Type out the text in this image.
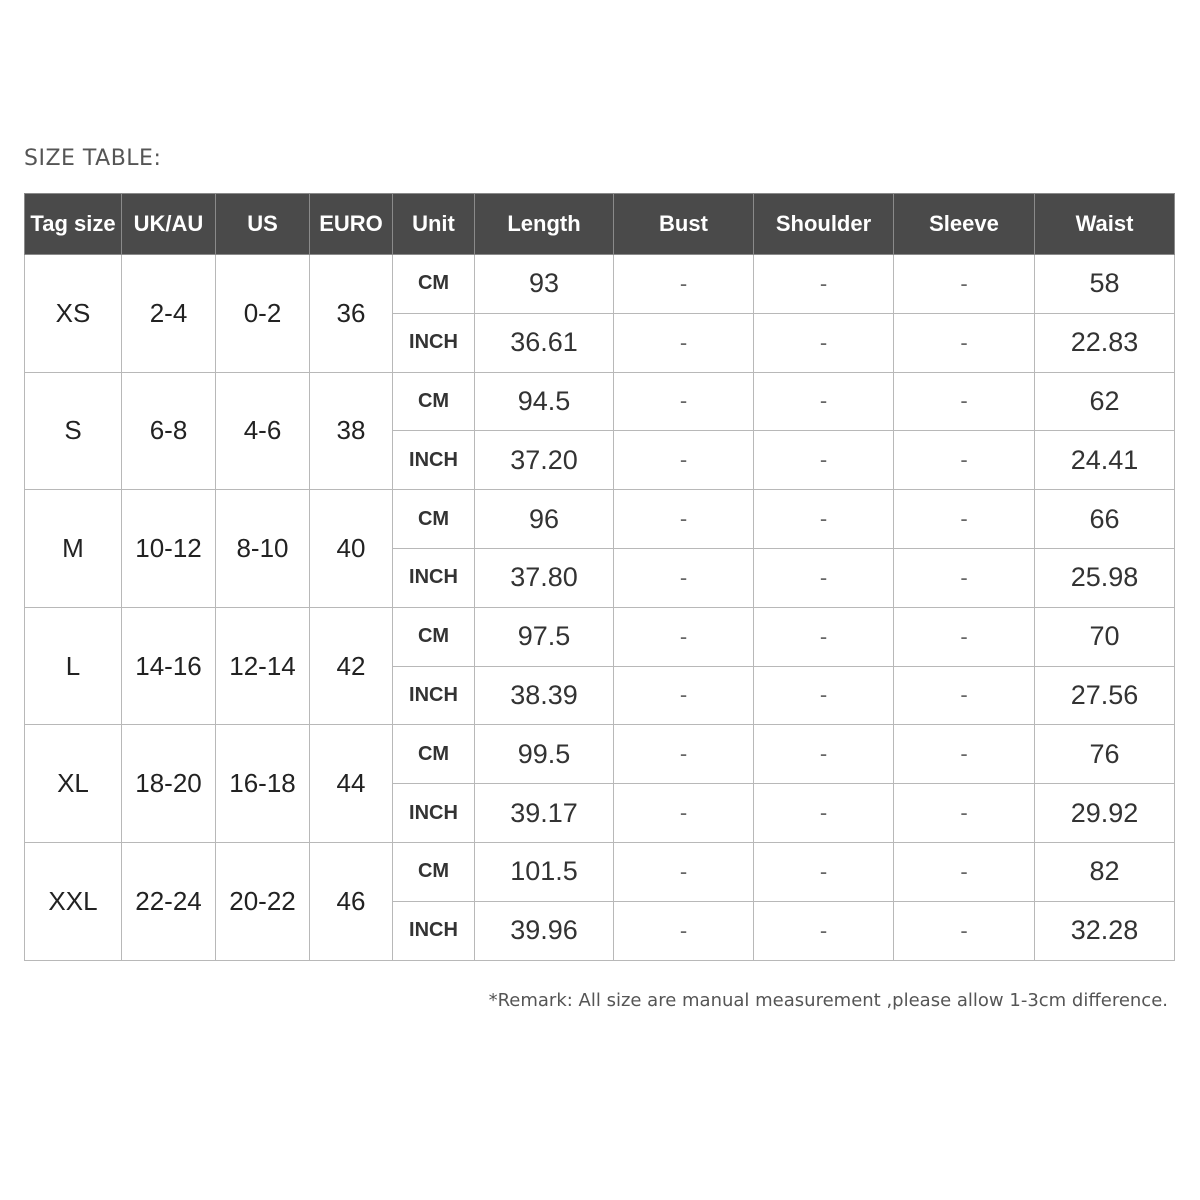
SIZE TABLE:
Tag size	UK/AU	US	EURO	Unit	Length	Bust	Shoulder	Sleeve	Waist
XS	2-4	0-2	36	CM	93	-	-	-	58
				INCH	36.61	-	-	-	22.83
S	6-8	4-6	38	CM	94.5	-	-	-	62
				INCH	37.20	-	-	-	24.41
M	10-12	8-10	40	CM	96	-	-	-	66
				INCH	37.80	-	-	-	25.98
L	14-16	12-14	42	CM	97.5	-	-	-	70
				INCH	38.39	-	-	-	27.56
XL	18-20	16-18	44	CM	99.5	-	-	-	76
				INCH	39.17	-	-	-	29.92
XXL	22-24	20-22	46	CM	101.5	-	-	-	82
				INCH	39.96	-	-	-	32.28
*Remark: All size are manual measurement ,please allow 1-3cm difference.
